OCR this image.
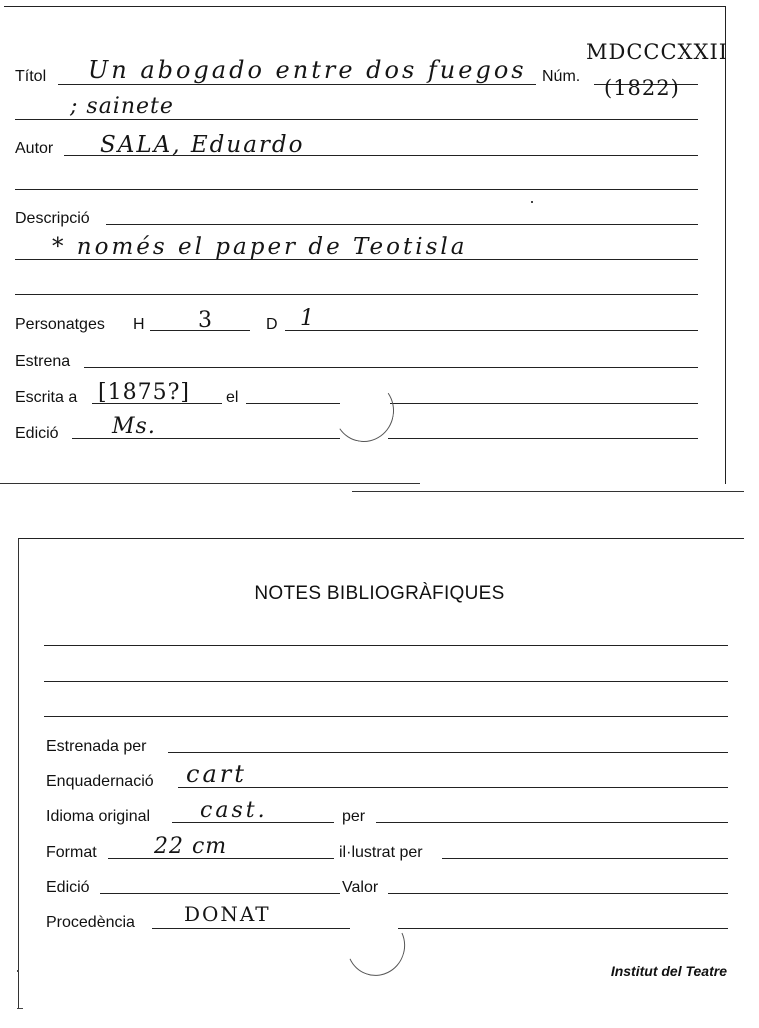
Títol Un abogado entre dos fuegos Núm.
MDCCCXXII
(1822)
; sainete
Autor SALA, Eduardo
Descripció
* només el paper de Teotisla
Personatges H 3	D 1
Estrena
Escrita a [1875?] el
Edició Ms.
NOTES BIBLIOGRÀFIQUES
Estrenada per
Enquadernació cart
Idioma original cast.	per
Format	22 cm	il·lustrat per
Edició	Valor
Procedència DONAT
Institut del Teatre
